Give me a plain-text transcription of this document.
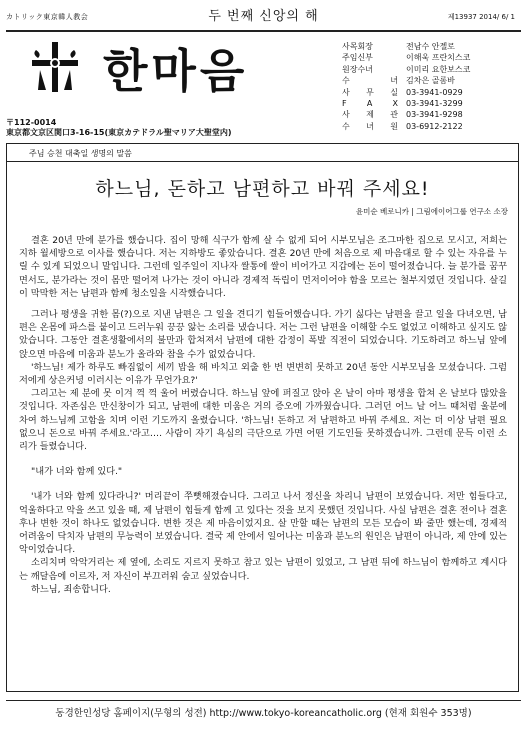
カトリック東京韓人教会	두 번째 신앙의 해	제13937 2014/ 6/ 1
한마음	사목회장	전남수 안젤로
주임신부	이해욱 프란치스코
원장수녀	이미리 요한보스코
수 녀	김차은 골롬바
사 무 실	03-3941-0929
F A X	03-3941-3299
사 제 관	03-3941-9298
수 녀 원	03-6912-2122
〒112-0014
東京都文京区関口3-16-15(東京カテドラル聖マリア大聖堂内)
주님 승천 대축일 생명의 말씀
하느님, 돈하고 남편하고 바꿔 주세요!
윤미순 베로니카 | 그림에이어그룹 연구소 소장

결혼 20년 만에 분가를 했습니다. 집이 망해 식구가 함께 살 수 없게 되어 시부모님은 조그마한 집으로 모시고, 저희는 지하 월세방으로 이사를 했습니다. 저는 지하방도 좋았습니다. 결혼 20년 만에 처음으로 제 마음대로 할 수 있는 자유를 누릴 수 있게 되었으니 말입니다. 그런데 일주일이 지나자 쌀통에 쌀이 비어가고 지갑에는 돈이 떨어졌습니다. 늘 분가를 꿈꾸면서도, 분가라는 것이 몸만 떨어져 나가는 것이 아니라 경제적 독립이 먼저이어야 함을 모르는 철부지였던 것입니다. 살길이 막막한 저는 남편과 함께 청소일을 시작했습니다.

그러나 평생을 귀한 몸(?)으로 지낸 남편은 그 일을 견디기 힘들어했습니다. 가기 싫다는 남편을 끌고 일을 다녀오면, 남편은 온몸에 파스를 붙이고 드러누워 끙끙 앓는 소리를 냈습니다. 저는 그런 남편을 이해할 수도 없었고 이해하고 싶지도 않았습니다. 그동안 결혼생활에서의 불만과 합쳐져서 남편에 대한 감정이 폭발 직전이 되었습니다. 기도하려고 하느님 앞에 앉으면 마음에 미움과 분노가 올라와 참을 수가 없었습니다.

'하느님! 제가 하루도 빠짐없이 세끼 밥을 해 바치고 외출 한 번 변변히 못하고 20년 동안 시부모님을 모셨습니다. 그럼 저에게 상은커녕 이러시는 이유가 무언가요?'

그리고는 제 분에 못 이겨 꺽 꺽 울어 버렸습니다. 하느님 앞에 퍼질고 앉아 온 날이 아마 평생을 합쳐 온 날보다 많았을 것입니다. 자존심은 만신창이가 되고, 남편에 대한 미움은 거의 증오에 가까웠습니다. 그러던 어느 날 어느 때처럼 울분에 차여 하느님께 고함을 치며 이런 기도까지 올렸습니다. '하느님! 돈하고 저 남편하고 바꿔 주세요. 저는 더 이상 남편 필요 없으니 돈으로 바꿔 주세요.'라고…. 사람이 자기 욕심의 극단으로 가면 어떤 기도인들 못하겠습니까. 그런데 문득 이런 소리가 들렸습니다.

"내가 너와 함께 있다."

'내가 너와 함께 있다라니?' 머리끝이 쭈뼛해졌습니다. 그리고 나서 정신을 차리니 남편이 보였습니다. 저만 힘들다고, 억울하다고 악을 쓰고 있을 때, 제 남편이 힘들게 함께 고 있다는 것을 보지 못했던 것입니다. 사실 남편은 결혼 전이나 결혼 후나 변한 것이 하나도 없었습니다. 변한 것은 제 마음이었지요. 살 만할 때는 남편의 모든 모습이 봐 줄만 했는데, 경제적 어려움이 닥치자 남편의 무능력이 보였습니다. 결국 제 안에서 일어나는 미움과 분노의 원인은 남편이 아니라, 제 안에 있는 악이었습니다.

소리치며 악악거리는 제 옆에, 소리도 지르지 못하고 참고 있는 남편이 있었고, 그 남편 뒤에 하느님이 함께하고 계시다는 깨달음에 이르자, 저 자신이 부끄러워 숨고 싶었습니다.

하느님, 죄송합니다.

동경한인성당 홈페이지(무형의 성전) http://www.tokyo-koreancatholic.org (현재 회원수 353명)
